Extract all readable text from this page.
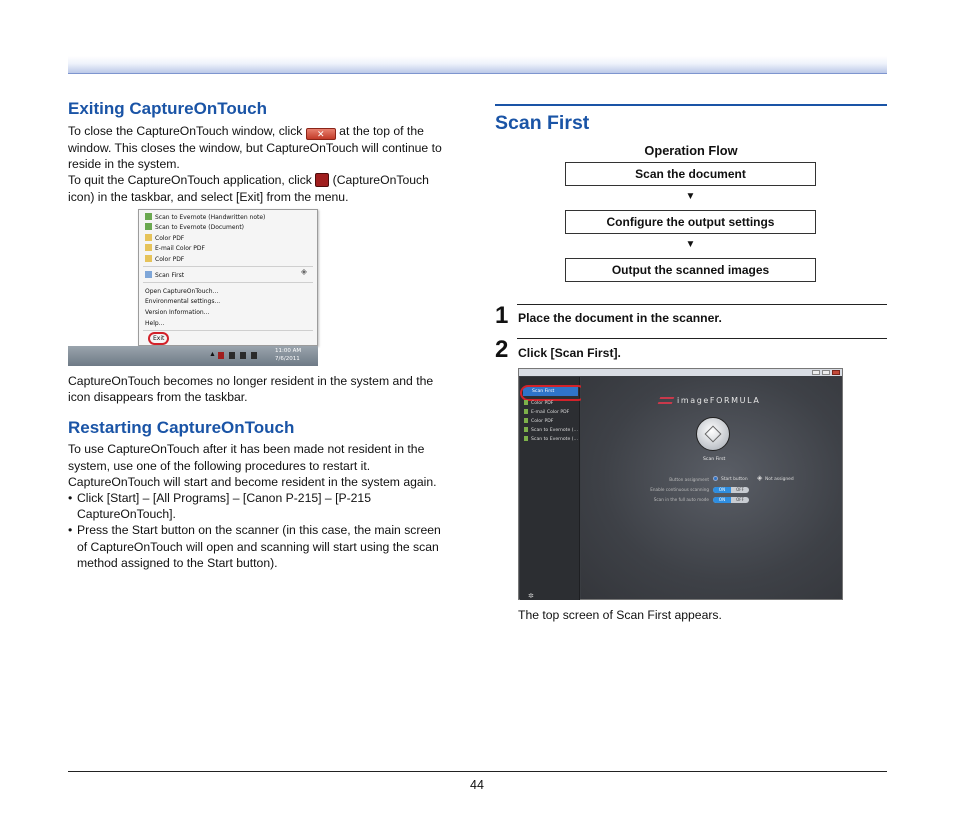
Exiting CaptureOnTouch

To close the CaptureOnTouch window, click ✕ at the top of the
window. This closes the window, but CaptureOnTouch will continue to
reside in the system.
To quit the CaptureOnTouch application, click (CaptureOnTouch
icon) in the taskbar, and select [Exit] from the menu.

Scan to Evernote (Handwritten note)
Scan to Evernote (Document)
Color PDF
E-mail Color PDF
Color PDF
Scan First	◈
Open CaptureOnTouch...
Environmental settings...
Version Information...
Help...
Exit
▲	11:00 AM
7/6/2011

CaptureOnTouch becomes no longer resident in the system and the
icon disappears from the taskbar.

Restarting CaptureOnTouch

To use CaptureOnTouch after it has been made not resident in the
system, use one of the following procedures to restart it.
CaptureOnTouch will start and become resident in the system again.

• Click [Start] – [All Programs] – [Canon P-215] – [P-215
CaptureOnTouch].
• Press the Start button on the scanner (in this case, the main screen
of CaptureOnTouch will open and scanning will start using the scan
method assigned to the Start button).
Scan First
Operation Flow
Scan the document
▼
Configure the output settings
▼
Output the scanned images
1 Place the document in the scanner.
2 Click [Scan First].
Scan First
Color PDF
E-mail Color PDF
Color PDF
Scan to Evernote (...
Scan to Evernote (...
✲
imageFORMULA
Scan First
Button assignment	Start button ◈ Not assigned
Enable continuous scanning	ON	OFF
Scan in the full auto mode	ON	OFF
The top screen of Scan First appears.
44
